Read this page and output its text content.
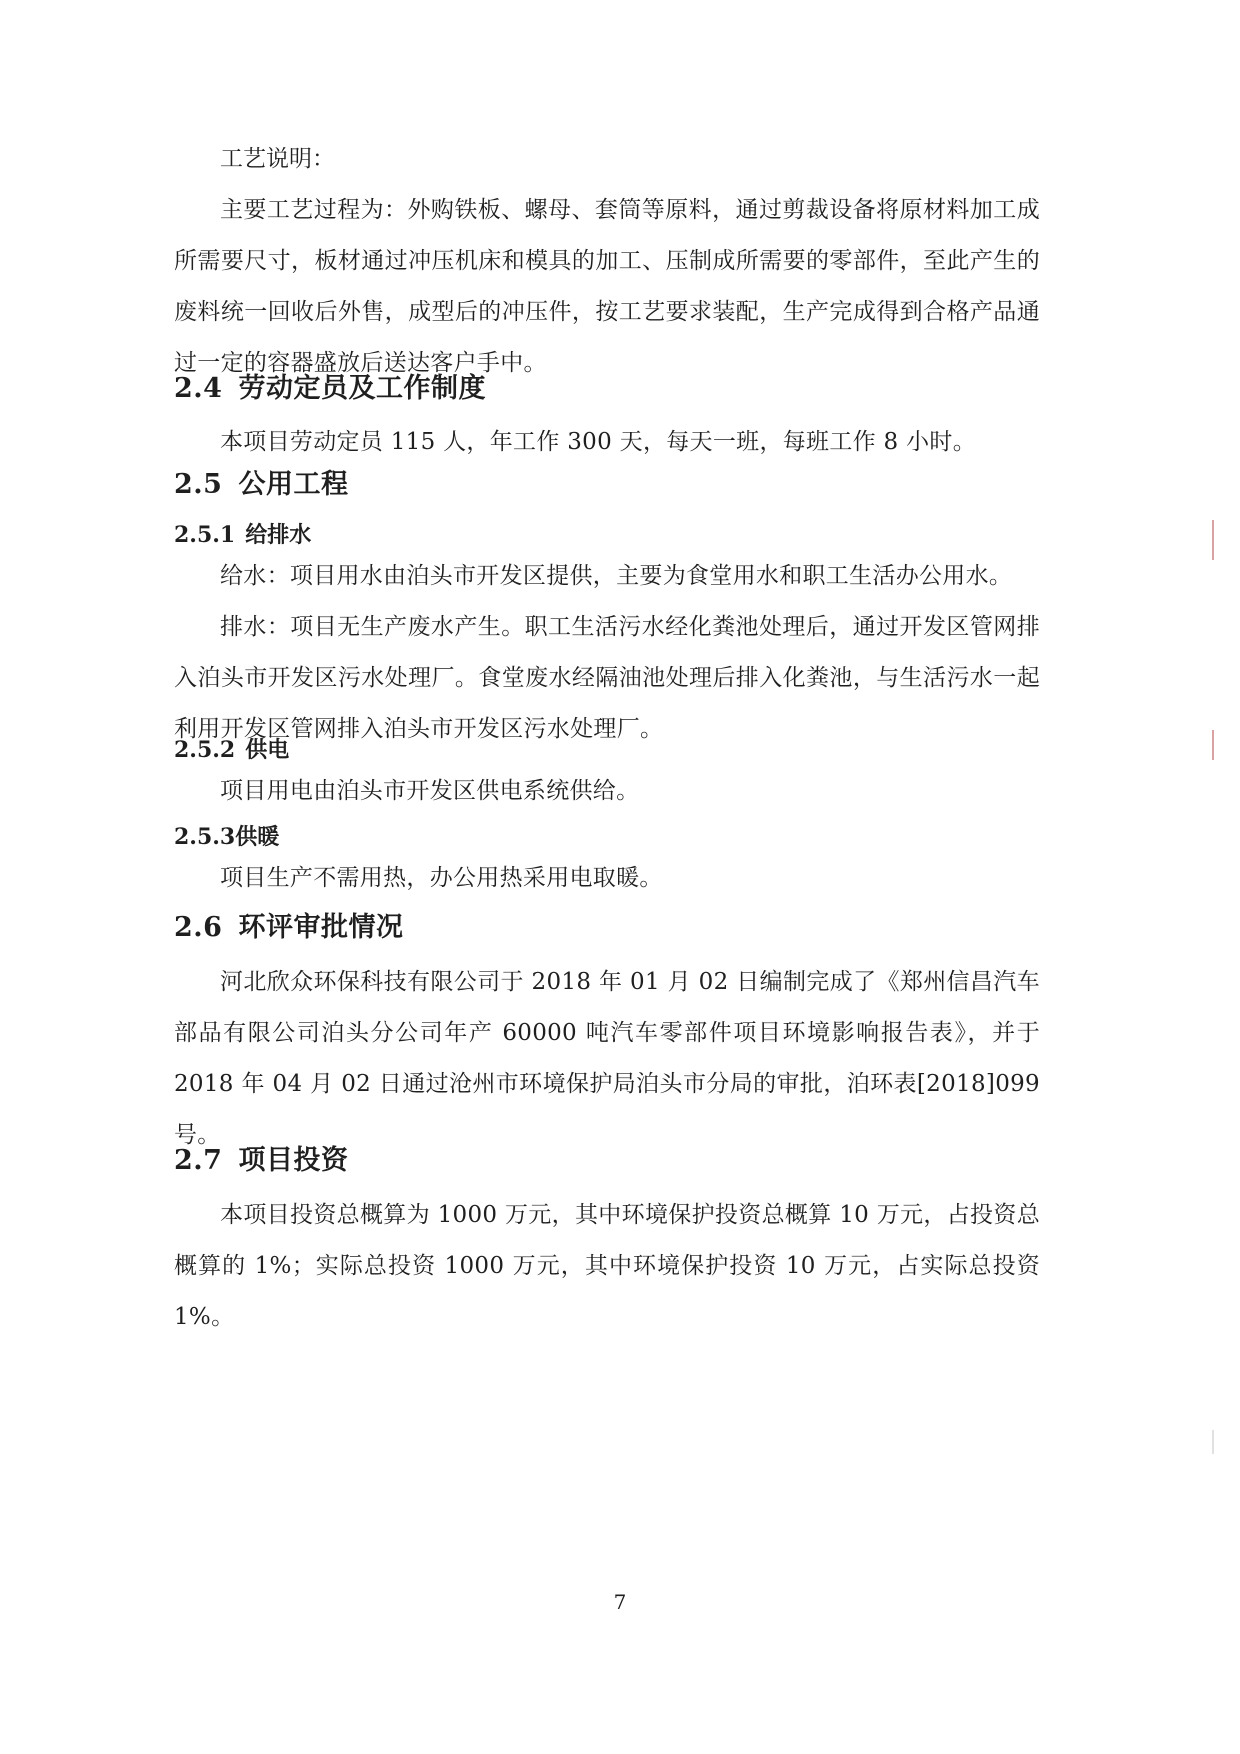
工艺说明：

主要工艺过程为：外购铁板、螺母、套筒等原料，通过剪裁设备将原材料加工成所需要尺寸，板材通过冲压机床和模具的加工、压制成所需要的零部件，至此产生的废料统一回收后外售，成型后的冲压件，按工艺要求装配，生产完成得到合格产品通过一定的容器盛放后送达客户手中。

2.4 劳动定员及工作制度

本项目劳动定员 115 人，年工作 300 天，每天一班，每班工作 8 小时。

2.5 公用工程
2.5.1 给排水

给水：项目用水由泊头市开发区提供，主要为食堂用水和职工生活办公用水。

排水：项目无生产废水产生。职工生活污水经化粪池处理后，通过开发区管网排入泊头市开发区污水处理厂。食堂废水经隔油池处理后排入化粪池，与生活污水一起利用开发区管网排入泊头市开发区污水处理厂。

2.5.2 供电

项目用电由泊头市开发区供电系统供给。

2.5.3供暖

项目生产不需用热，办公用热采用电取暖。

2.6 环评审批情况

河北欣众环保科技有限公司于 2018 年 01 月 02 日编制完成了《郑州信昌汽车部品有限公司泊头分公司年产 60000 吨汽车零部件项目环境影响报告表》，并于 2018 年 04 月 02 日通过沧州市环境保护局泊头市分局的审批，泊环表[2018]099 号。

2.7 项目投资

本项目投资总概算为 1000 万元，其中环境保护投资总概算 10 万元，占投资总概算的 1%；实际总投资 1000 万元，其中环境保护投资 10 万元，占实际总投资 1%。

7
